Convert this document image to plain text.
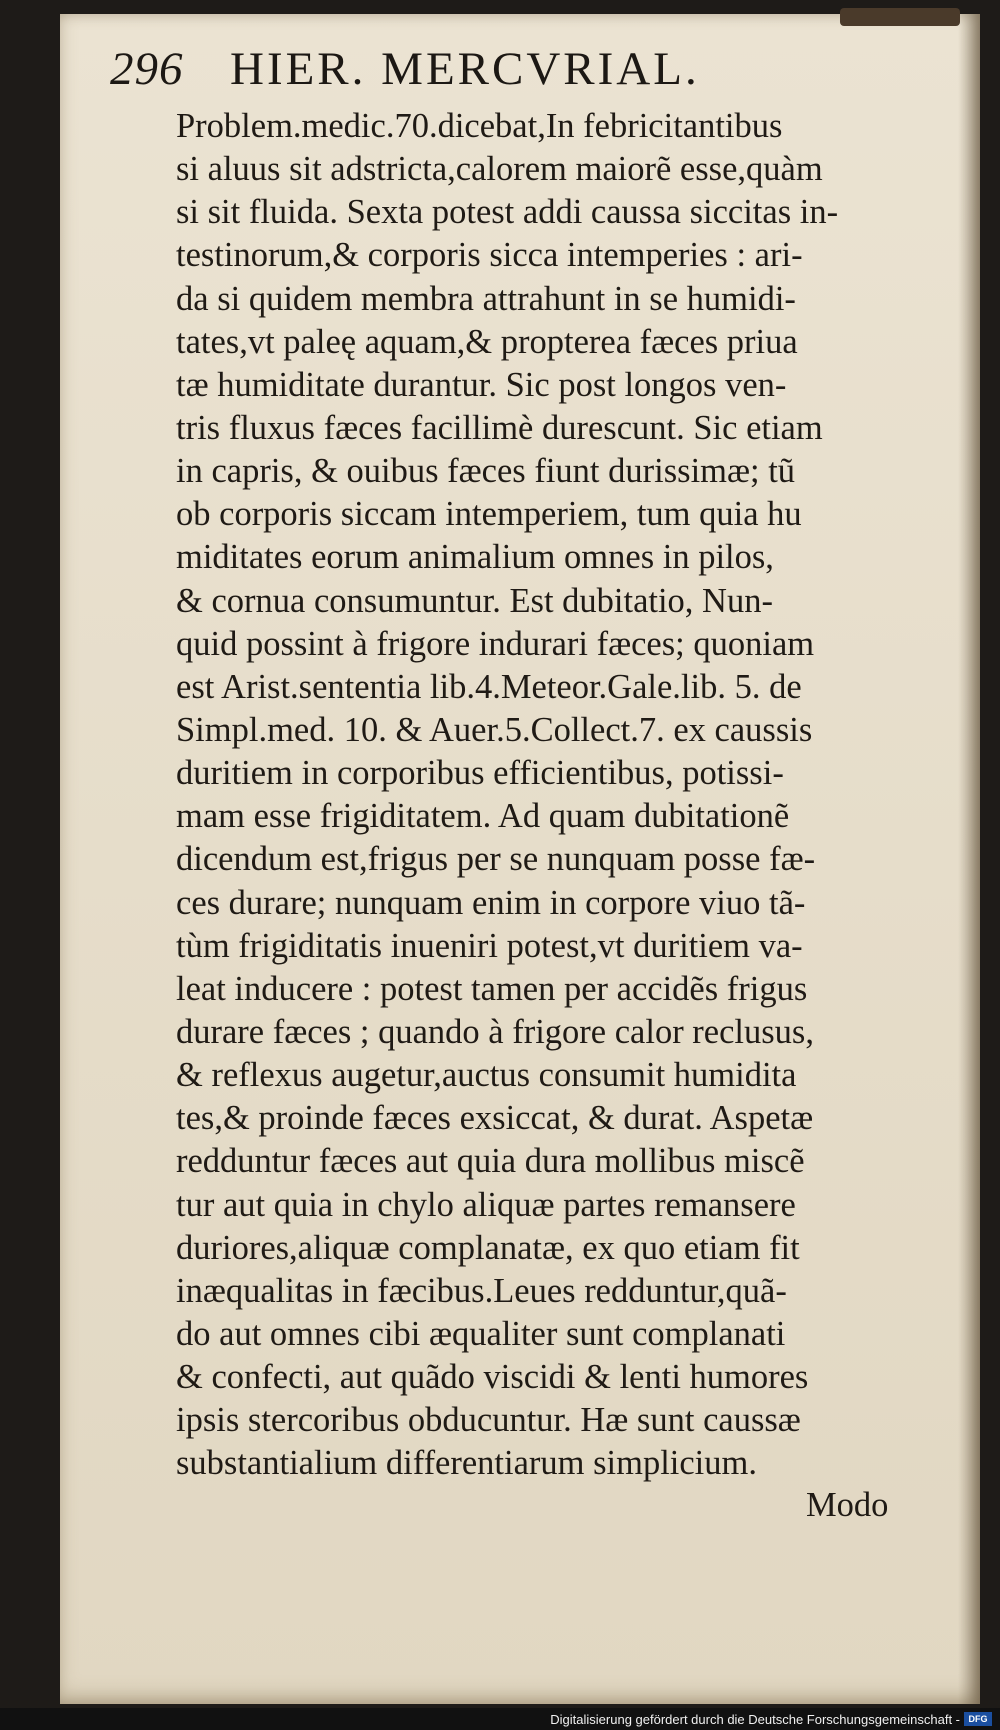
296 HIER. MERCVRIAL.
Problem.medic.70.dicebat,In febricitantibus
si aluus sit adstricta,calorem maiorẽ esse,quàm
si sit fluida. Sexta potest addi caussa siccitas in-
testinorum,& corporis sicca intemperies : ari-
da si quidem membra attrahunt in se humidi-
tates,vt paleę aquam,& propterea fæces priua
tæ humiditate durantur. Sic post longos ven-
tris fluxus fæces facillimè durescunt. Sic etiam
in capris, & ouibus fæces fiunt durissimæ; tũ
ob corporis siccam intemperiem, tum quia hu
miditates eorum animalium omnes in pilos,
& cornua consumuntur. Est dubitatio, Nun-
quid possint à frigore indurari fæces; quoniam
est Arist.sententia lib.4.Meteor.Gale.lib. 5. de
Simpl.med. 10. & Auer.5.Collect.7. ex caussis
duritiem in corporibus efficientibus, potissi-
mam esse frigiditatem. Ad quam dubitationẽ
dicendum est,frigus per se nunquam posse fæ-
ces durare; nunquam enim in corpore viuo tã-
tùm frigiditatis inueniri potest,vt duritiem va-
leat inducere : potest tamen per accidẽs frigus
durare fæces ; quando à frigore calor reclusus,
& reflexus augetur,auctus consumit humidita
tes,& proinde fæces exsiccat, & durat. Aspetæ
redduntur fæces aut quia dura mollibus miscẽ
tur aut quia in chylo aliquæ partes remansere
duriores,aliquæ complanatæ, ex quo etiam fit
inæqualitas in fæcibus.Leues redduntur,quã-
do aut omnes cibi æqualiter sunt complanati
& confecti, aut quãdo viscidi & lenti humores
ipsis stercoribus obducuntur. Hæ sunt caussæ
substantialium differentiarum simplicium.
Modo
Digitalisierung gefördert durch die Deutsche Forschungsgemeinschaft - DFG
